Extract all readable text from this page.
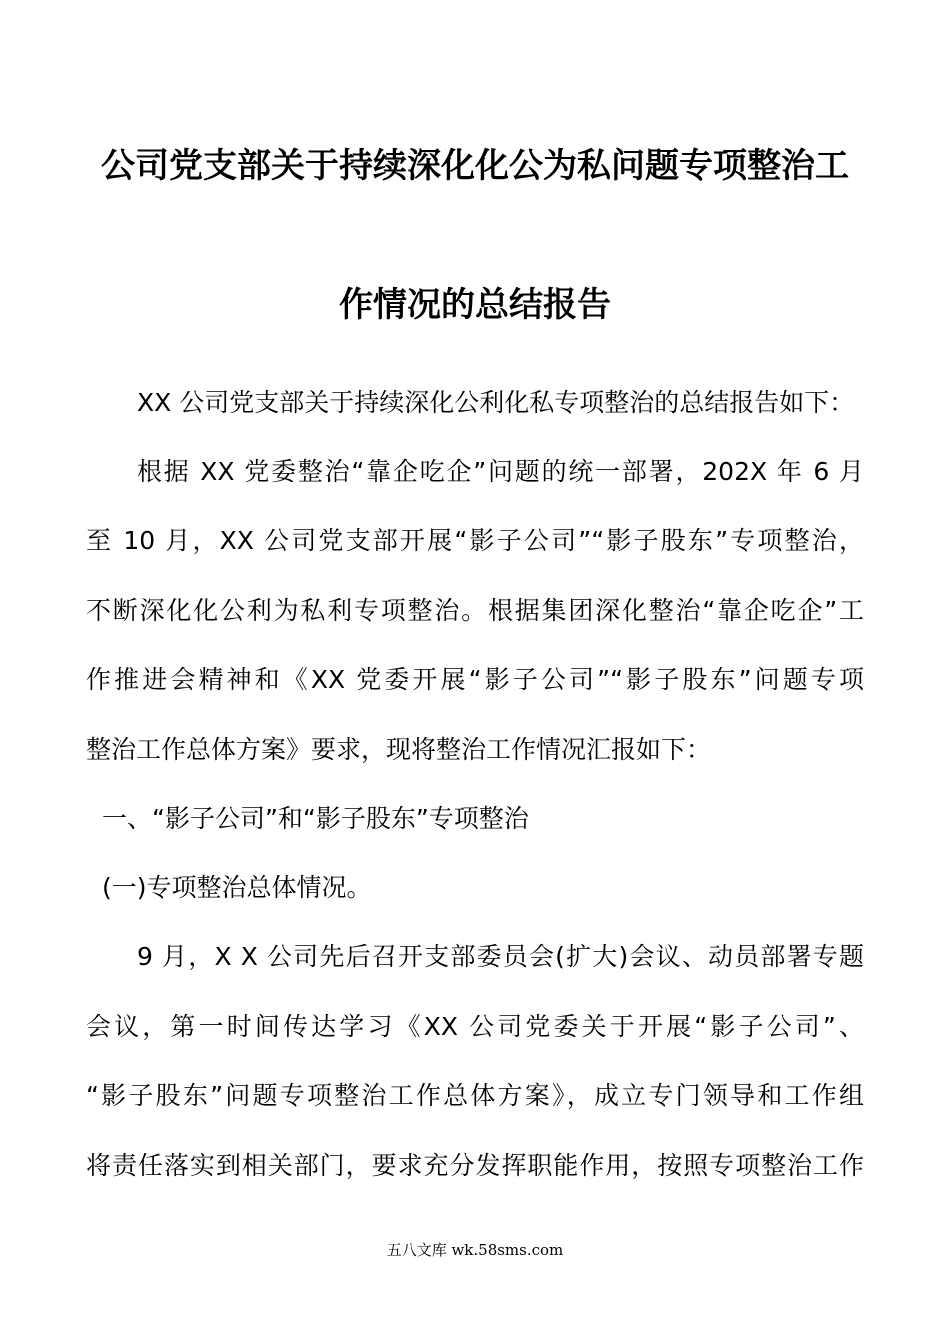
公司党支部关于持续深化化公为私问题专项整治工
作情况的总结报告
XX 公司党支部关于持续深化公利化私专项整治的总结报告如下：
根据 XX 党委整治“靠企吃企”问题的统一部署，202X 年 6 月
至 10 月，XX 公司党支部开展“影子公司”“影子股东”专项整治，
不断深化化公利为私利专项整治。根据集团深化整治“靠企吃企”工
作推进会精神和《XX 党委开展“影子公司”“影子股东”问题专项
整治工作总体方案》要求，现将整治工作情况汇报如下：
一、“影子公司”和“影子股东”专项整治
(一)专项整治总体情况。
9 月，X X 公司先后召开支部委员会(扩大)会议、动员部署专题
会议，第一时间传达学习《XX 公司党委关于开展“影子公司”、
“影子股东”问题专项整治工作总体方案》，成立专门领导和工作组
将责任落实到相关部门，要求充分发挥职能作用，按照专项整治工作
五八文库 wk.58sms.com
